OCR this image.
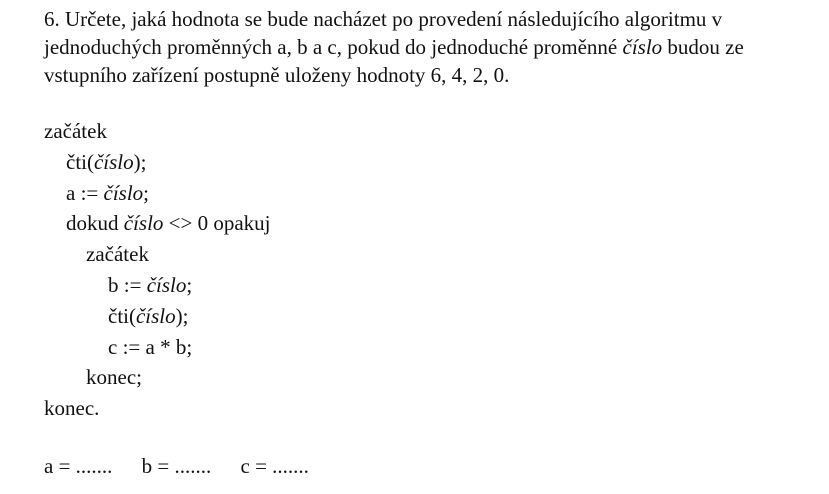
6. Určete, jaká hodnota se bude nacházet po provedení následujícího algoritmu v
jednoduchých proměnných a, b a c, pokud do jednoduché proměnné číslo budou ze
vstupního zařízení postupně uloženy hodnoty 6, 4, 2, 0.
začátek
čti(číslo);
a := číslo;
dokud číslo <> 0 opakuj
začátek
b := číslo;
čti(číslo);
c := a * b;
konec;
konec.
a = ....... b = ....... c = .......
